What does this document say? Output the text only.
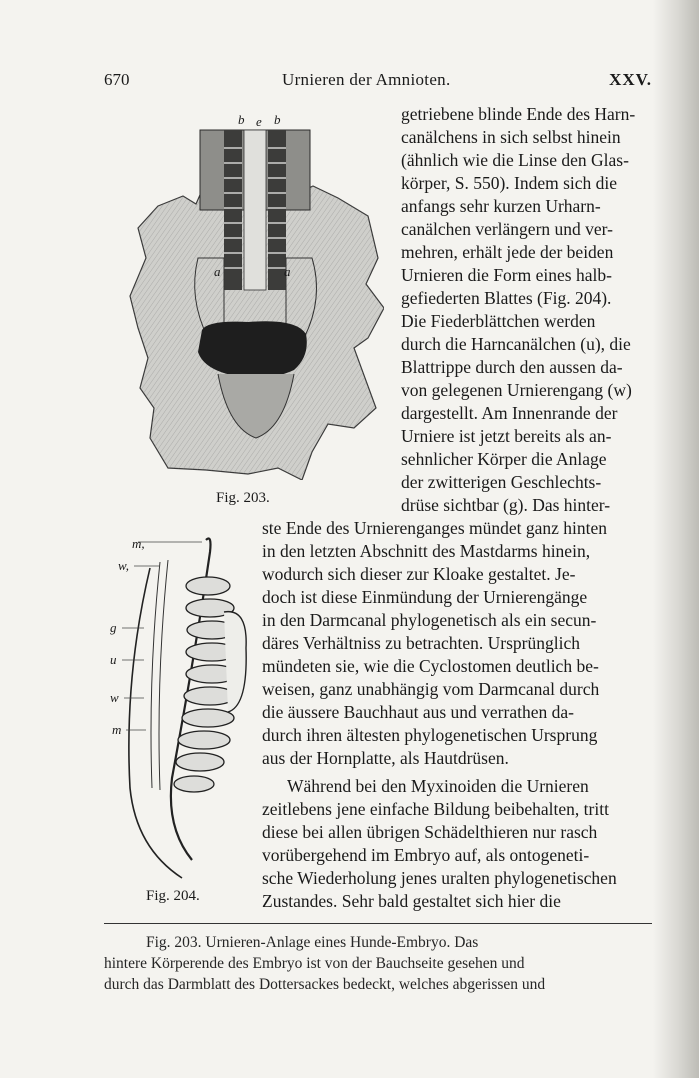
670	Urnieren der Amnioten.	XXV.
b e b
a	a
Fig. 203.
m,
w,
g
u
w
m
Fig. 204.
getriebene blinde Ende des Harn-
canälchens in sich selbst hinein
(ähnlich wie die Linse den Glas-
körper, S. 550). Indem sich die
anfangs sehr kurzen Urharn-
canälchen verlängern und ver-
mehren, erhält jede der beiden
Urnieren die Form eines halb-
gefiederten Blattes (Fig. 204).
Die Fiederblättchen werden
durch die Harncanälchen (u), die
Blattrippe durch den aussen da-
von gelegenen Urnierengang (w)
dargestellt. Am Innenrande der
Urniere ist jetzt bereits als an-
sehnlicher Körper die Anlage
der zwitterigen Geschlechts-
drüse sichtbar (g). Das hinter-
ste Ende des Urnierenganges mündet ganz hinten
in den letzten Abschnitt des Mastdarms hinein,
wodurch sich dieser zur Kloake gestaltet. Je-
doch ist diese Einmündung der Urnierengänge
in den Darmcanal phylogenetisch als ein secun-
däres Verhältniss zu betrachten. Ursprünglich
mündeten sie, wie die Cyclostomen deutlich be-
weisen, ganz unabhängig vom Darmcanal durch
die äussere Bauchhaut aus und verrathen da-
durch ihren ältesten phylogenetischen Ursprung
aus der Hornplatte, als Hautdrüsen.
Während bei den Myxinoiden die Urnieren
zeitlebens jene einfache Bildung beibehalten, tritt
diese bei allen übrigen Schädelthieren nur rasch
vorübergehend im Embryo auf, als ontogeneti-
sche Wiederholung jenes uralten phylogenetischen
Zustandes. Sehr bald gestaltet sich hier die
Fig. 203. Urnieren-Anlage eines Hunde-Embryo. Das
hintere Körperende des Embryo ist von der Bauchseite gesehen und
durch das Darmblatt des Dottersackes bedeckt, welches abgerissen und
